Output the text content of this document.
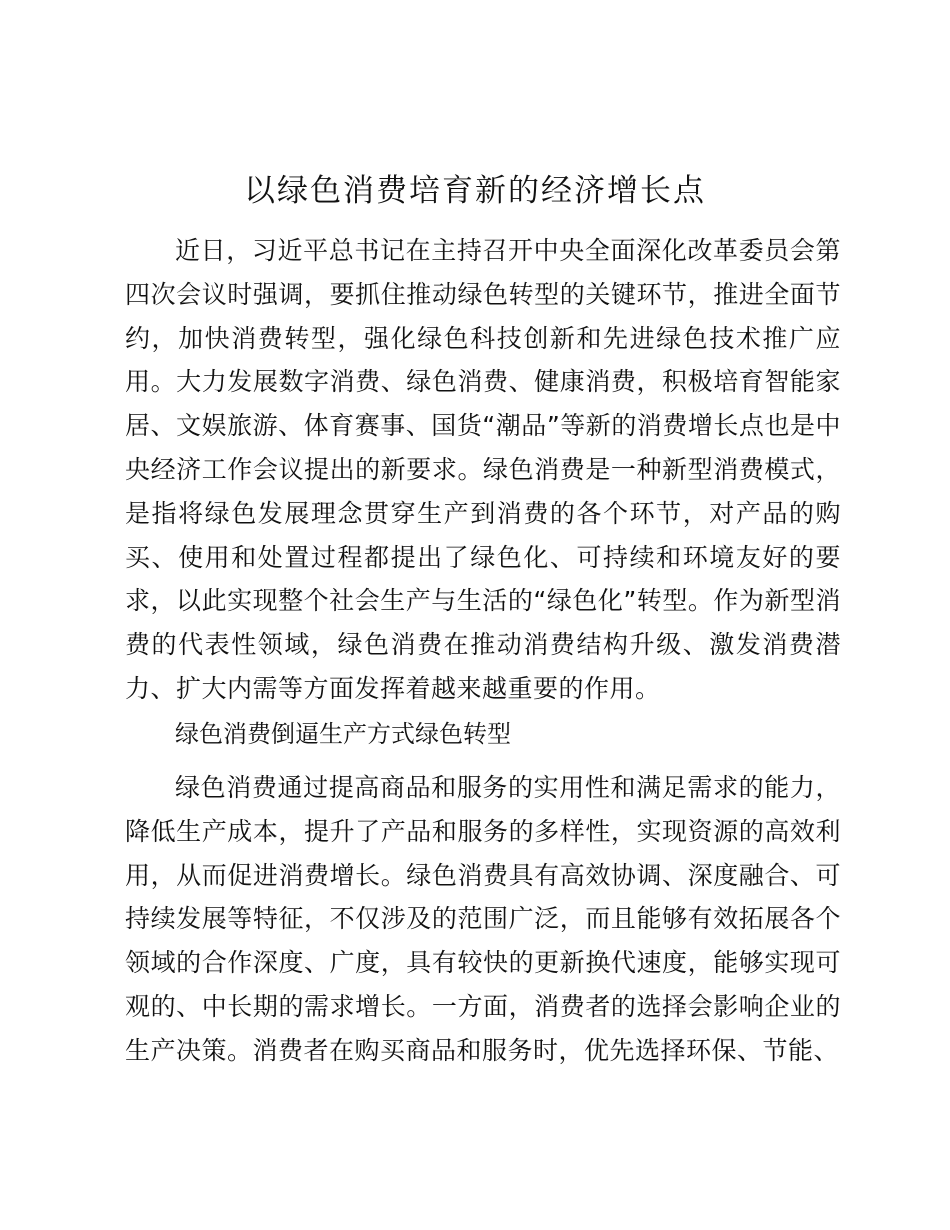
以绿色消费培育新的经济增长点

近日，习近平总书记在主持召开中央全面深化改革委员会第四次会议时强调，要抓住推动绿色转型的关键环节，推进全面节约，加快消费转型，强化绿色科技创新和先进绿色技术推广应用。大力发展数字消费、绿色消费、健康消费，积极培育智能家居、文娱旅游、体育赛事、国货“潮品”等新的消费增长点也是中央经济工作会议提出的新要求。绿色消费是一种新型消费模式，是指将绿色发展理念贯穿生产到消费的各个环节，对产品的购买、使用和处置过程都提出了绿色化、可持续和环境友好的要求，以此实现整个社会生产与生活的“绿色化”转型。作为新型消费的代表性领域，绿色消费在推动消费结构升级、激发消费潜力、扩大内需等方面发挥着越来越重要的作用。

绿色消费倒逼生产方式绿色转型

绿色消费通过提高商品和服务的实用性和满足需求的能力，降低生产成本，提升了产品和服务的多样性，实现资源的高效利用，从而促进消费增长。绿色消费具有高效协调、深度融合、可持续发展等特征，不仅涉及的范围广泛，而且能够有效拓展各个领域的合作深度、广度，具有较快的更新换代速度，能够实现可观的、中长期的需求增长。一方面，消费者的选择会影响企业的生产决策。消费者在购买商品和服务时，优先选择环保、节能、
